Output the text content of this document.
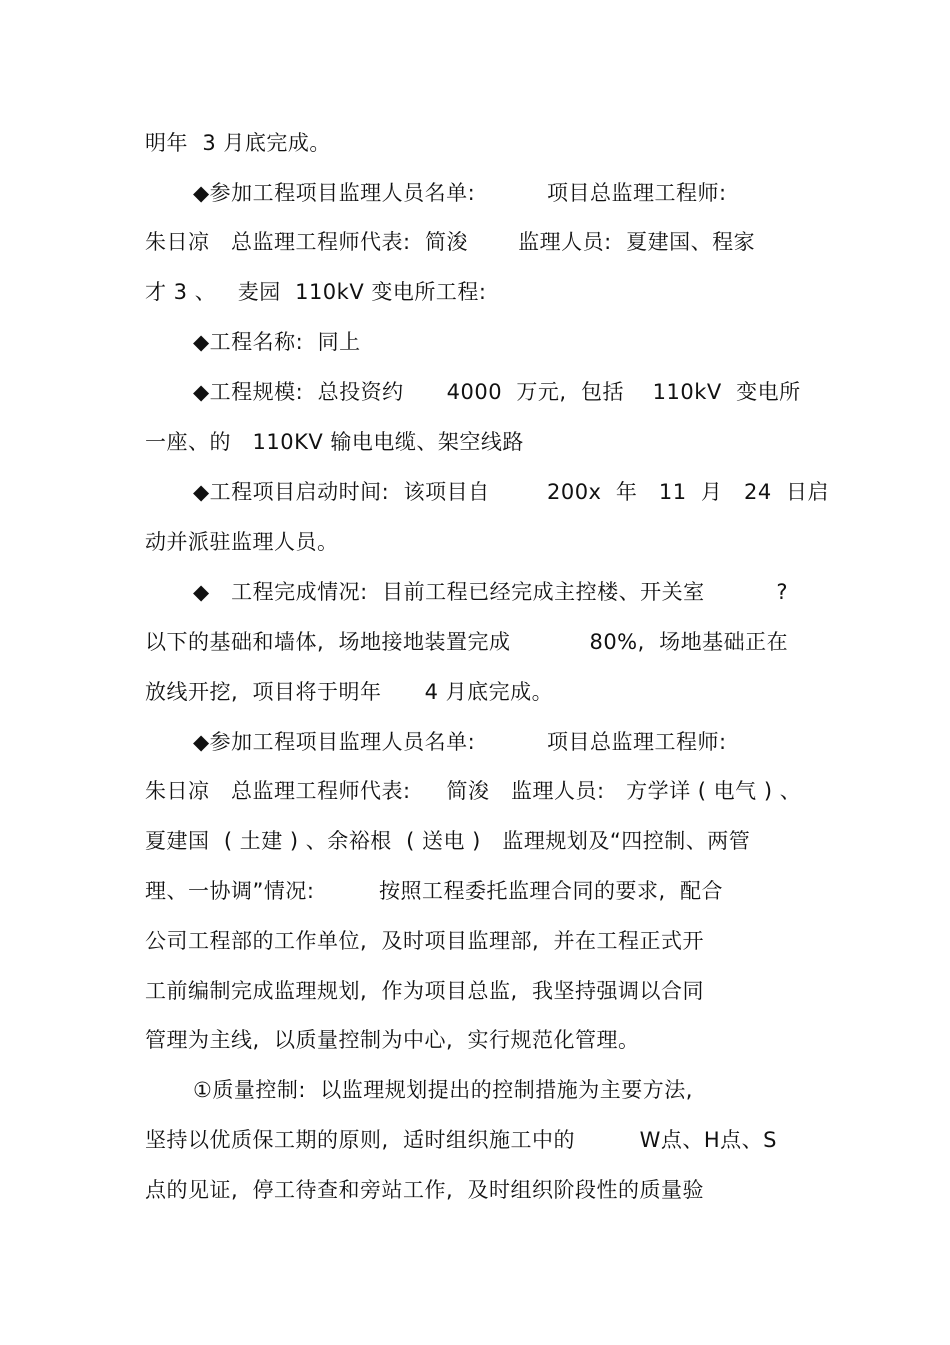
明年  3 月底完成。
◆参加工程项目监理人员名单:          项目总监理工程师:
朱日凉   总监理工程师代表:  简浚       监理人员:  夏建国、程家
才 3 、   麦园  110kV 变电所工程:
◆工程名称:  同上
◆工程规模:  总投资约      4000  万元,  包括    110kV  变电所
一座、的   110KV 输电电缆、架空线路
◆工程项目启动时间:  该项目自        200x  年   11  月   24  日启
动并派驻监理人员。
◆   工程完成情况:  目前工程已经完成主控楼、开关室          ?
以下的基础和墙体,  场地接地装置完成           80%,  场地基础正在
放线开挖,  项目将于明年      4 月底完成。
◆参加工程项目监理人员名单:          项目总监理工程师:
朱日凉   总监理工程师代表:     简浚   监理人员:   方学详 ( 电气 ) 、
夏建国  ( 土建 ) 、余裕根  ( 送电 )   监理规划及“四控制、两管
理、一协调”情况:         按照工程委托监理合同的要求,  配合
公司工程部的工作单位,  及时项目监理部,  并在工程正式开
工前编制完成监理规划,  作为项目总监,  我坚持强调以合同
管理为主线,  以质量控制为中心,  实行规范化管理。
①质量控制:  以监理规划提出的控制措施为主要方法,
坚持以优质保工期的原则,  适时组织施工中的         W点、H点、S
点的见证,  停工待查和旁站工作,  及时组织阶段性的质量验
